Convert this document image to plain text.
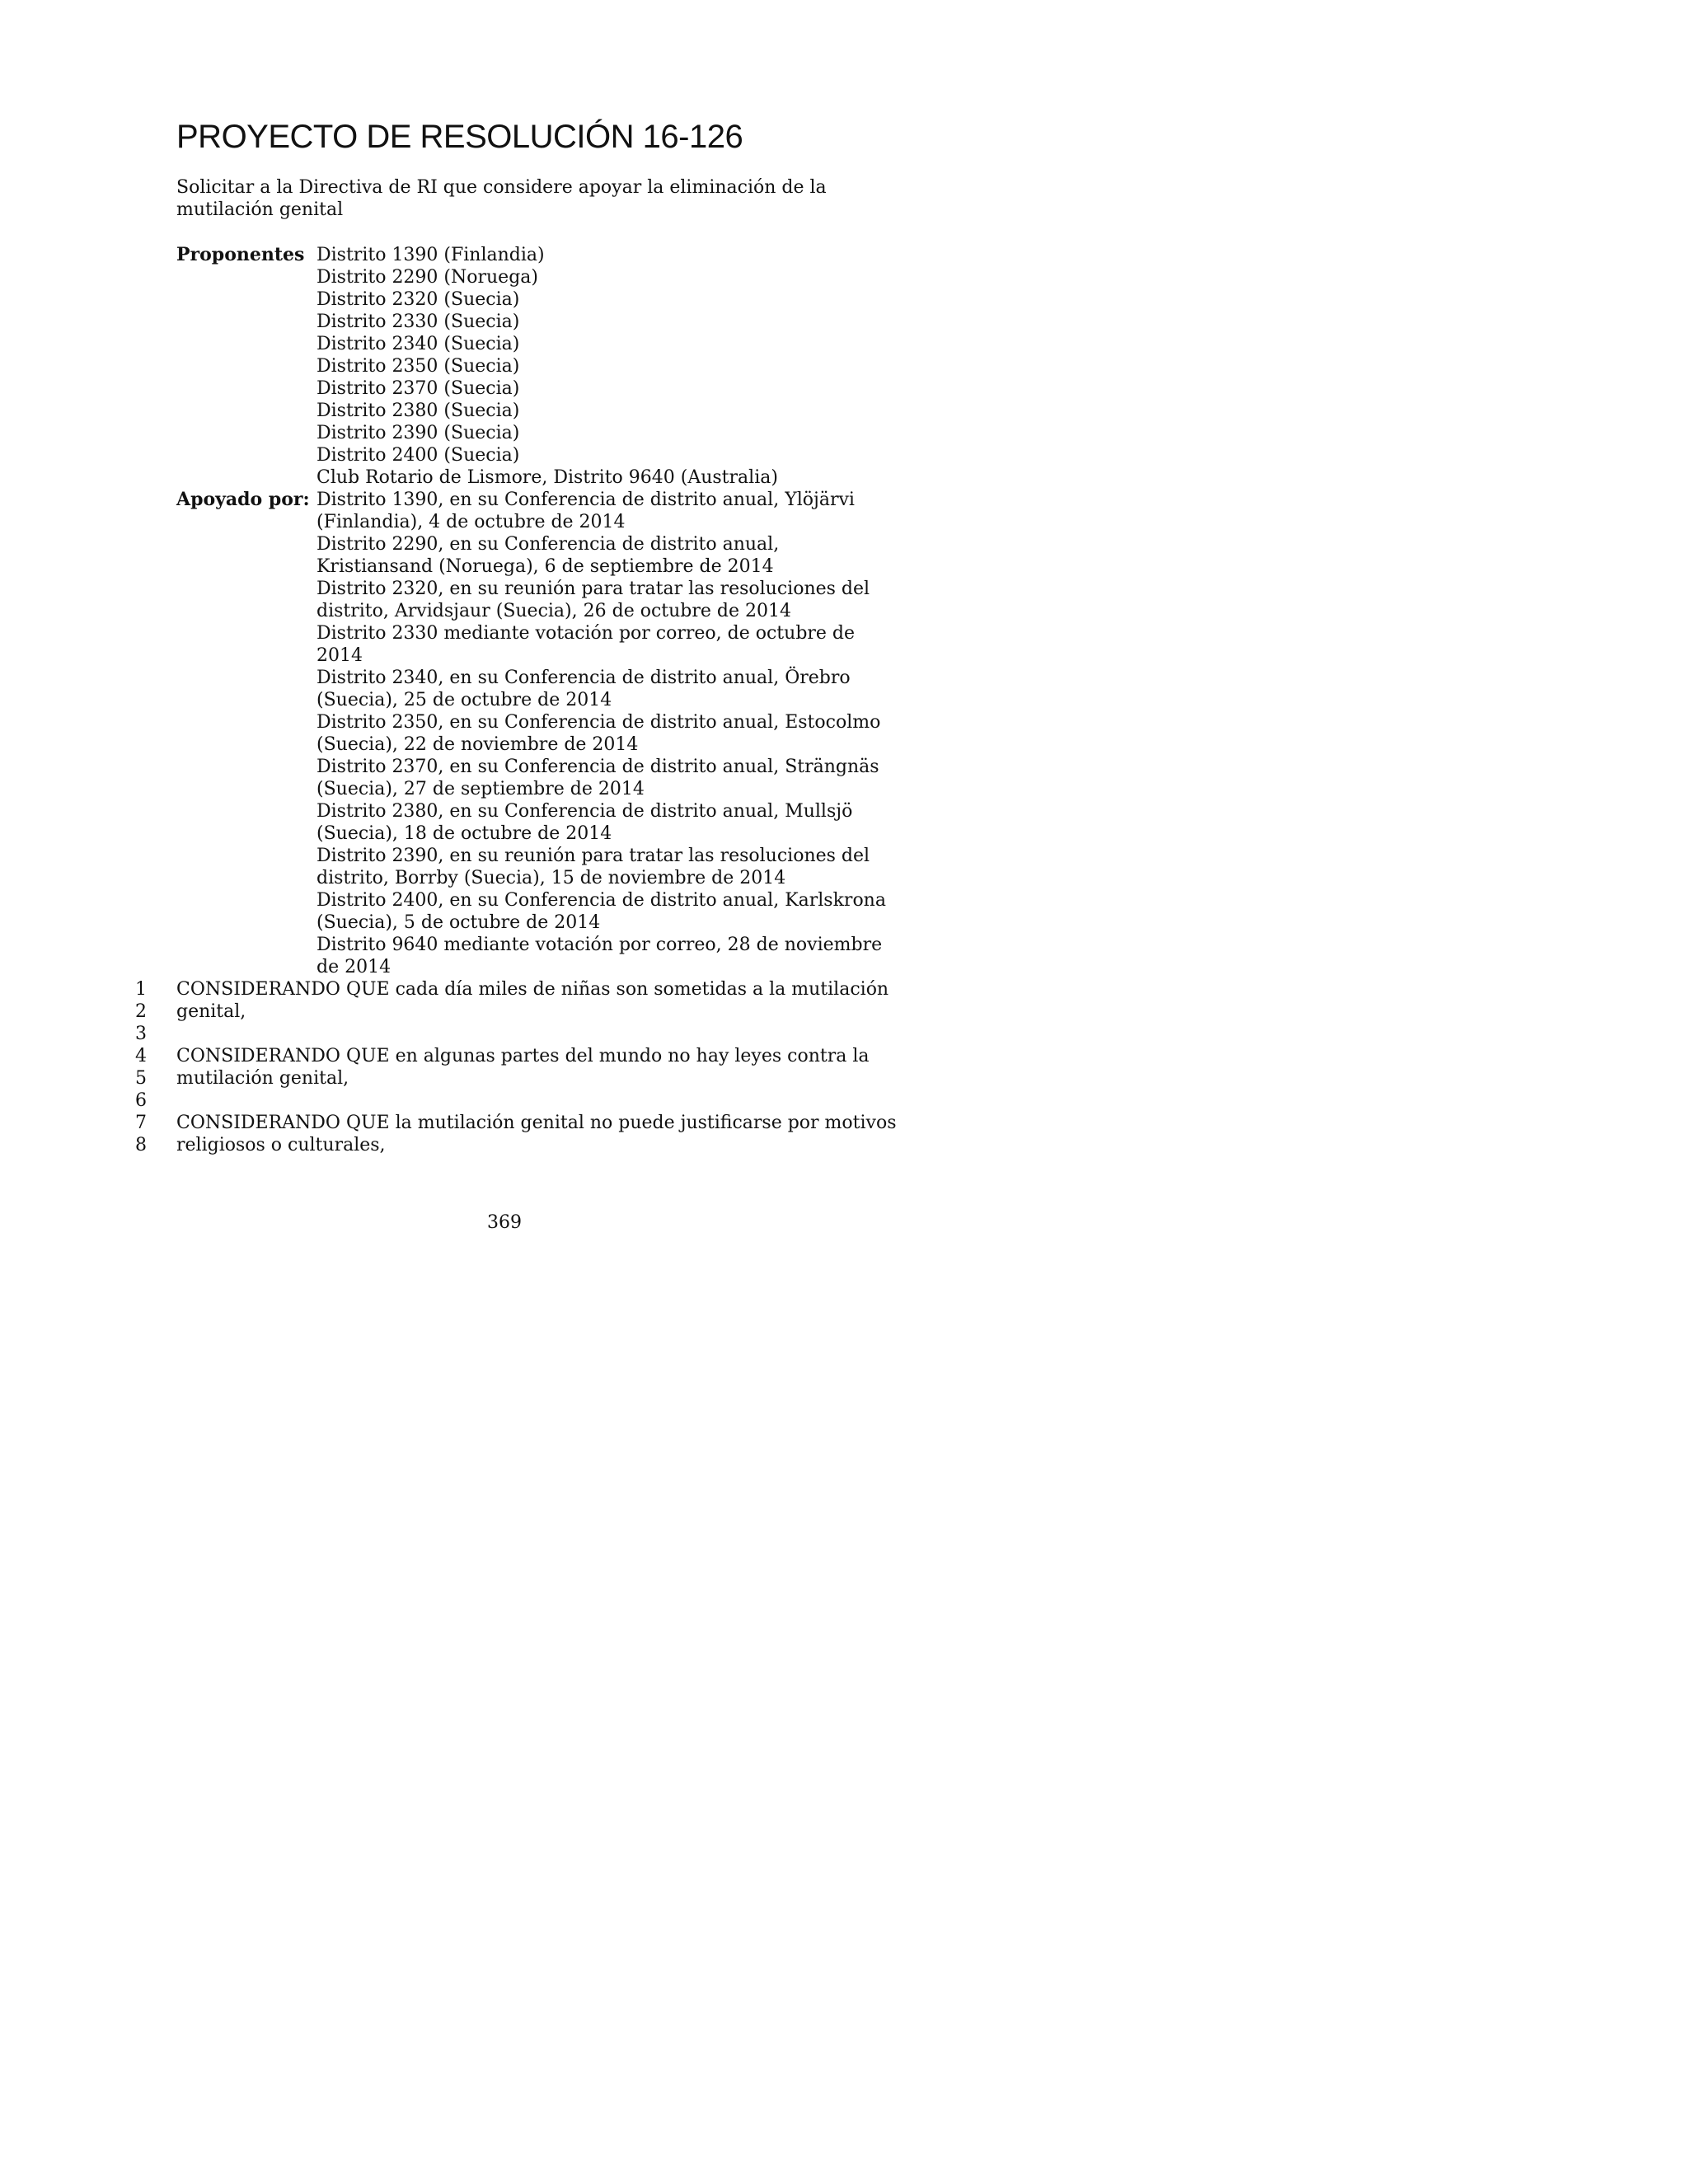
PROYECTO DE RESOLUCIÓN 16-126

Solicitar a la Directiva de RI que considere apoyar la eliminación de la mutilación genital

Proponentes Distrito 1390 (Finlandia)

Distrito 2290 (Noruega)

Distrito 2320 (Suecia)

Distrito 2330 (Suecia)

Distrito 2340 (Suecia)

Distrito 2350 (Suecia)

Distrito 2370 (Suecia)

Distrito 2380 (Suecia)

Distrito 2390 (Suecia)

Distrito 2400 (Suecia)

Club Rotario de Lismore, Distrito 9640 (Australia)

Apoyado por: Distrito 1390, en su Conferencia de distrito anual, Ylöjärvi (Finlandia), 4 de octubre de 2014

Distrito 2290, en su Conferencia de distrito anual, Kristiansand (Noruega), 6 de septiembre de 2014

Distrito 2320, en su reunión para tratar las resoluciones del distrito, Arvidsjaur (Suecia), 26 de octubre de 2014

Distrito 2330 mediante votación por correo, de octubre de 2014

Distrito 2340, en su Conferencia de distrito anual, Örebro (Suecia), 25 de octubre de 2014

Distrito 2350, en su Conferencia de distrito anual, Estocolmo (Suecia), 22 de noviembre de 2014

Distrito 2370, en su Conferencia de distrito anual, Strängnäs (Suecia), 27 de septiembre de 2014

Distrito 2380, en su Conferencia de distrito anual, Mullsjö (Suecia), 18 de octubre de 2014

Distrito 2390, en su reunión para tratar las resoluciones del distrito, Borrby (Suecia), 15 de noviembre de 2014

Distrito 2400, en su Conferencia de distrito anual, Karlskrona (Suecia), 5 de octubre de 2014

Distrito 9640 mediante votación por correo, 28 de noviembre de 2014

1 CONSIDERANDO QUE cada día miles de niñas son sometidas a la mutilación
2 genital,
3
4 CONSIDERANDO QUE en algunas partes del mundo no hay leyes contra la
5 mutilación genital,
6
7 CONSIDERANDO QUE la mutilación genital no puede justificarse por motivos
8 religiosos o culturales,
369
